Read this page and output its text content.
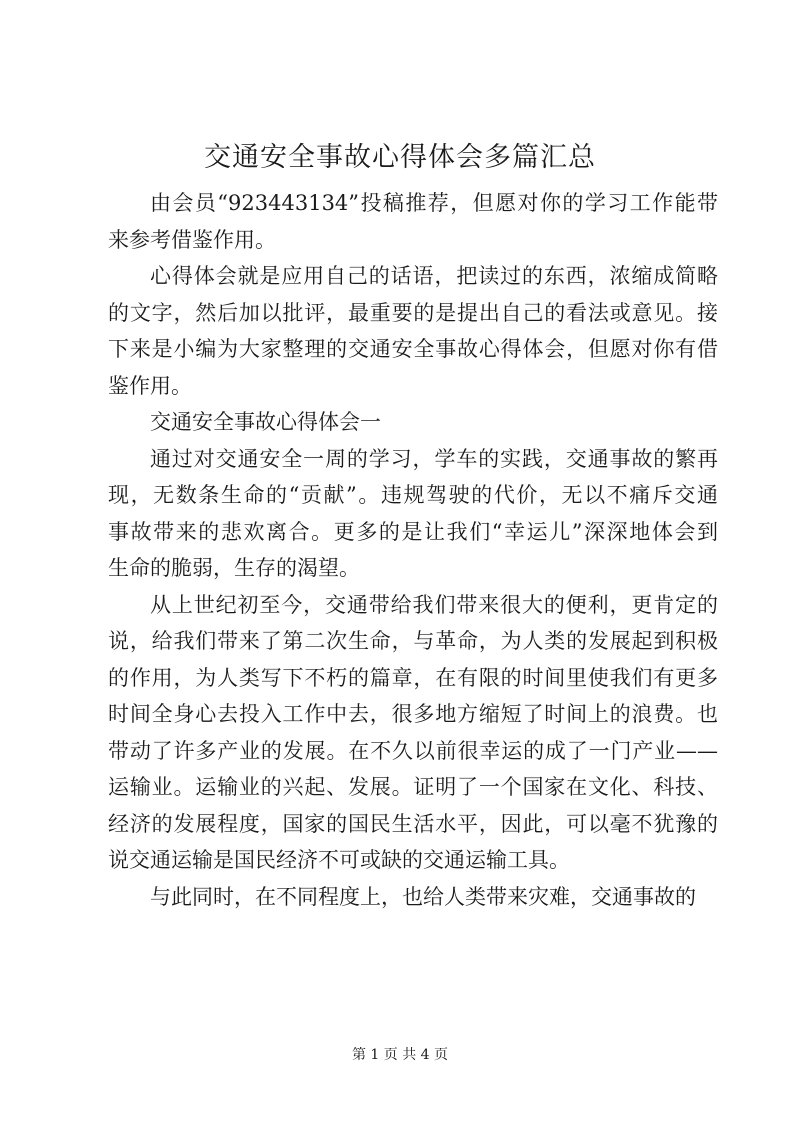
交通安全事故心得体会多篇汇总
由会员“923443134”投稿推荐，但愿对你的学习工作能带
来参考借鉴作用。
心得体会就是应用自己的话语，把读过的东西，浓缩成简略
的文字，然后加以批评，最重要的是提出自己的看法或意见。接
下来是小编为大家整理的交通安全事故心得体会，但愿对你有借
鉴作用。
交通安全事故心得体会一
通过对交通安全一周的学习，学车的实践，交通事故的繁再
现，无数条生命的“贡献”。违规驾驶的代价，无以不痛斥交通
事故带来的悲欢离合。更多的是让我们“幸运儿”深深地体会到
生命的脆弱，生存的渴望。
从上世纪初至今，交通带给我们带来很大的便利，更肯定的
说，给我们带来了第二次生命，与革命，为人类的发展起到积极
的作用，为人类写下不朽的篇章，在有限的时间里使我们有更多
时间全身心去投入工作中去，很多地方缩短了时间上的浪费。也
带动了许多产业的发展。在不久以前很幸运的成了一门产业——
运输业。运输业的兴起、发展。证明了一个国家在文化、科技、
经济的发展程度，国家的国民生活水平，因此，可以毫不犹豫的
说交通运输是国民经济不可或缺的交通运输工具。
与此同时，在不同程度上，也给人类带来灾难，交通事故的
第 1 页 共 4 页
